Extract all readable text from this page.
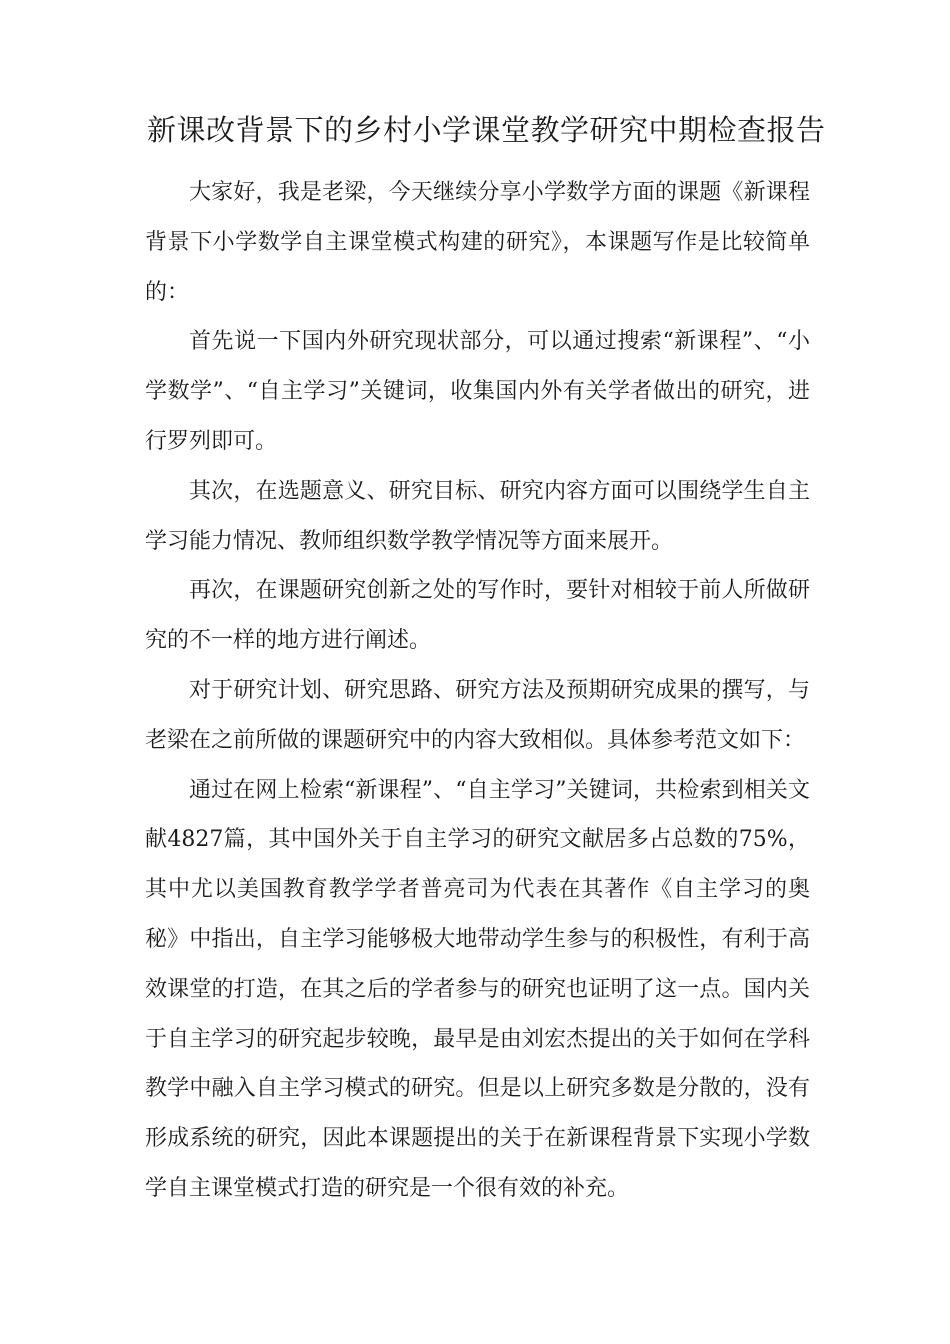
新课改背景下的乡村小学课堂教学研究中期检查报告

大家好，我是老梁，今天继续分享小学数学方面的课题《新课程背景下小学数学自主课堂模式构建的研究》，本课题写作是比较简单的：

首先说一下国内外研究现状部分，可以通过搜索“新课程”、“小学数学”、“自主学习”关键词，收集国内外有关学者做出的研究，进行罗列即可。

其次，在选题意义、研究目标、研究内容方面可以围绕学生自主学习能力情况、教师组织数学教学情况等方面来展开。

再次，在课题研究创新之处的写作时，要针对相较于前人所做研究的不一样的地方进行阐述。

对于研究计划、研究思路、研究方法及预期研究成果的撰写，与老梁在之前所做的课题研究中的内容大致相似。具体参考范文如下：

通过在网上检索“新课程”、“自主学习”关键词，共检索到相关文献4827篇，其中国外关于自主学习的研究文献居多占总数的75%，其中尤以美国教育教学学者普亮司为代表在其著作《自主学习的奥秘》中指出，自主学习能够极大地带动学生参与的积极性，有利于高效课堂的打造，在其之后的学者参与的研究也证明了这一点。国内关于自主学习的研究起步较晚，最早是由刘宏杰提出的关于如何在学科教学中融入自主学习模式的研究。但是以上研究多数是分散的，没有形成系统的研究，因此本课题提出的关于在新课程背景下实现小学数学自主课堂模式打造的研究是一个很有效的补充。
